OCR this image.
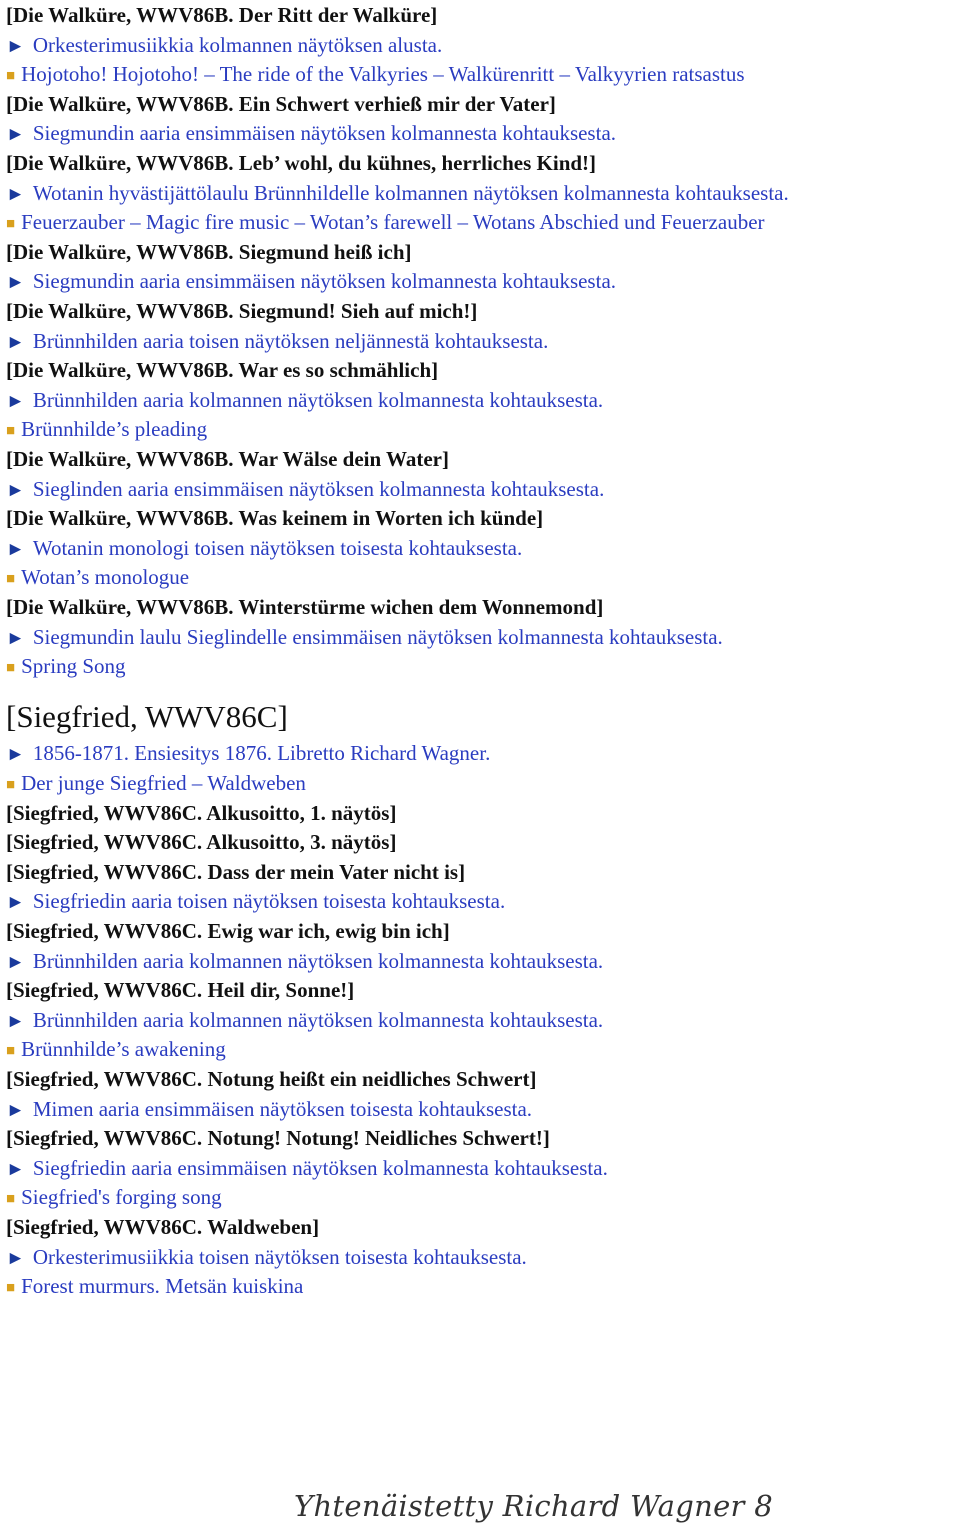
[Die Walküre, WWV86B. Der Ritt der Walküre]
► Orkesterimusiikkia kolmannen näytöksen alusta.
■ Hojotoho! Hojotoho! – The ride of the Valkyries – Walkürenritt – Valkyyrien ratsastus
[Die Walküre, WWV86B. Ein Schwert verhieß mir der Vater]
► Siegmundin aaria ensimmäisen näytöksen kolmannesta kohtauksesta.
[Die Walküre, WWV86B. Leb’ wohl, du kühnes, herrliches Kind!]
► Wotanin hyvästijättölaulu Brünnhildelle kolmannen näytöksen kolmannesta kohtauksesta.
■ Feuerzauber – Magic fire music – Wotan’s farewell – Wotans Abschied und Feuerzauber
[Die Walküre, WWV86B. Siegmund heiß ich]
► Siegmundin aaria ensimmäisen näytöksen kolmannesta kohtauksesta.
[Die Walküre, WWV86B. Siegmund! Sieh auf mich!]
► Brünnhilden aaria toisen näytöksen neljännestä kohtauksesta.
[Die Walküre, WWV86B. War es so schmählich]
► Brünnhilden aaria kolmannen näytöksen kolmannesta kohtauksesta.
■ Brünnhilde’s pleading
[Die Walküre, WWV86B. War Wälse dein Water]
► Sieglinden aaria ensimmäisen näytöksen kolmannesta kohtauksesta.
[Die Walküre, WWV86B. Was keinem in Worten ich künde]
► Wotanin monologi toisen näytöksen toisesta kohtauksesta.
■ Wotan’s monologue
[Die Walküre, WWV86B. Winterstürme wichen dem Wonnemond]
► Siegmundin laulu Sieglindelle ensimmäisen näytöksen kolmannesta kohtauksesta.
■ Spring Song
[Siegfried, WWV86C]
► 1856-1871. Ensiesitys 1876. Libretto Richard Wagner.
■ Der junge Siegfried – Waldweben
[Siegfried, WWV86C. Alkusoitto, 1. näytös]
[Siegfried, WWV86C. Alkusoitto, 3. näytös]
[Siegfried, WWV86C. Dass der mein Vater nicht is]
► Siegfriedin aaria toisen näytöksen toisesta kohtauksesta.
[Siegfried, WWV86C. Ewig war ich, ewig bin ich]
► Brünnhilden aaria kolmannen näytöksen kolmannesta kohtauksesta.
[Siegfried, WWV86C. Heil dir, Sonne!]
► Brünnhilden aaria kolmannen näytöksen kolmannesta kohtauksesta.
■ Brünnhilde’s awakening
[Siegfried, WWV86C. Notung heißt ein neidliches Schwert]
► Mimen aaria ensimmäisen näytöksen toisesta kohtauksesta.
[Siegfried, WWV86C. Notung! Notung! Neidliches Schwert!]
► Siegfriedin aaria ensimmäisen näytöksen kolmannesta kohtauksesta.
■ Siegfried's forging song
[Siegfried, WWV86C. Waldweben]
► Orkesterimusiikkia toisen näytöksen toisesta kohtauksesta.
■ Forest murmurs. Metsän kuiskina
Yhtenäistetty Richard Wagner 8
